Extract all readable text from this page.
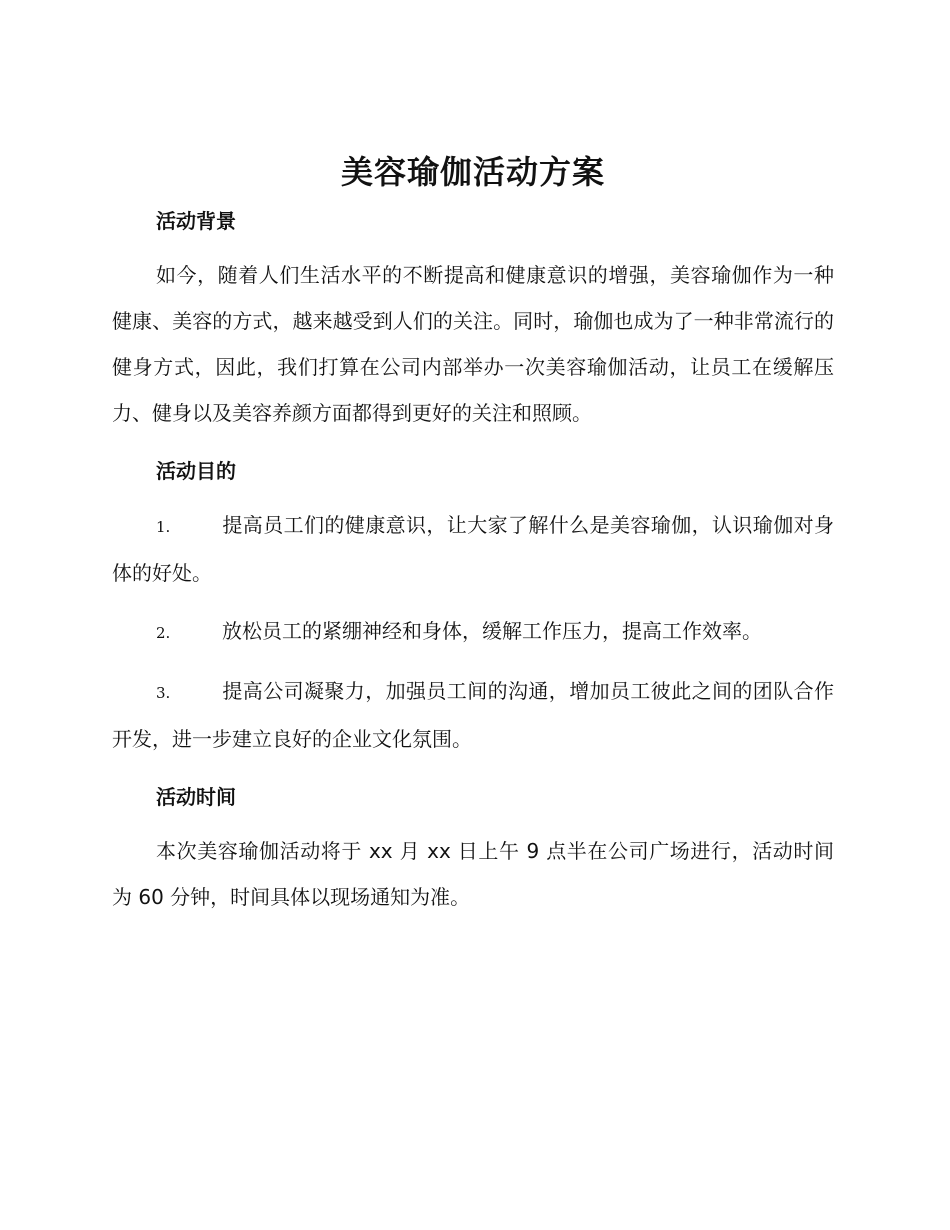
美容瑜伽活动方案
活动背景

如今，随着人们生活水平的不断提高和健康意识的增强，美容瑜伽作为一种健康、美容的方式，越来越受到人们的关注。同时，瑜伽也成为了一种非常流行的健身方式，因此，我们打算在公司内部举办一次美容瑜伽活动，让员工在缓解压力、健身以及美容养颜方面都得到更好的关注和照顾。

活动目的

1.	提高员工们的健康意识，让大家了解什么是美容瑜伽，认识瑜伽对身体的好处。

2.	放松员工的紧绷神经和身体，缓解工作压力，提高工作效率。

3.	提高公司凝聚力，加强员工间的沟通，增加员工彼此之间的团队合作开发，进一步建立良好的企业文化氛围。

活动时间

本次美容瑜伽活动将于 xx 月 xx 日上午 9 点半在公司广场进行，活动时间为 60 分钟，时间具体以现场通知为准。
